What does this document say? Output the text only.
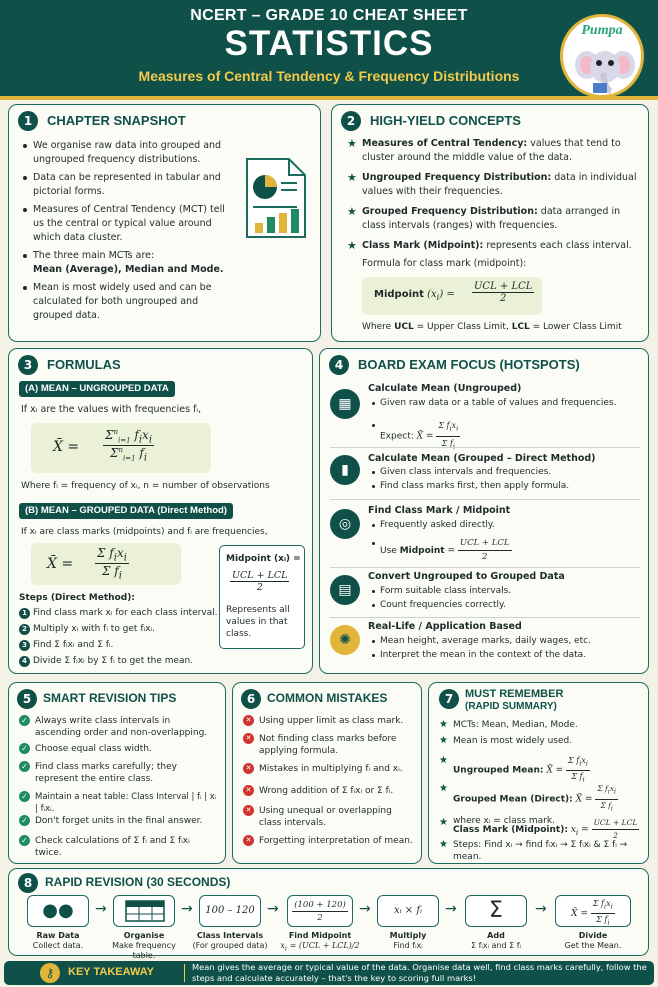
NCERT – GRADE 10 CHEAT SHEET
STATISTICS
Measures of Central Tendency & Frequency Distributions
Pumpa
1	CHAPTER SNAPSHOT
We organise raw data into grouped and ungrouped frequency distributions.
Data can be represented in tabular and pictorial forms.
Measures of Central Tendency (MCT) tell us the central or typical value around which data cluster.
The three main MCTs are:
Mean (Average), Median and Mode.
Mean is most widely used and can be calculated for both ungrouped and grouped data.
2	HIGH-YIELD CONCEPTS
★ Measures of Central Tendency: values that tend to cluster around the middle value of the data.
★ Ungrouped Frequency Distribution: data in individual values with their frequencies.
★ Grouped Frequency Distribution: data arranged in class intervals (ranges) with frequencies.
★ Class Mark (Midpoint): represents each class interval.
Formula for class mark (midpoint):
Midpoint $(x_i)$ =
UCL + LCL
2
Where UCL = Upper Class Limit, LCL = Lower Class Limit
3	FORMULAS
(A) MEAN – UNGROUPED DATA
If xᵢ are the values with frequencies fᵢ,
X̄ =
$\Sigma^n_{i=1}$ $f_ix_i$
$\Sigma^n_{i=1}$ $f_i$
Where fᵢ = frequency of xᵢ, n = number of observations
(B) MEAN – GROUPED DATA (Direct Method)
If xᵢ are class marks (midpoints) and fᵢ are frequencies,
X̄ =
Σ $f_ix_i$
Σ $f_i$
Midpoint (xᵢ) =
UCL + LCL
2
Represents all values in that class.
Steps (Direct Method):
1 Find class mark xᵢ for each class interval.
2 Multiply xᵢ with fᵢ to get fᵢxᵢ.
3 Find Σ fᵢxᵢ and Σ fᵢ.
4 Divide Σ fᵢxᵢ by Σ fᵢ to get the mean.
4	BOARD EXAM FOCUS (HOTSPOTS)
▦
Calculate Mean (Ungrouped)
Given raw data or a table of values and frequencies.
Expect: X̄ = $\frac{\Sigma f_ix_i}{\Sigma f_i}$
▮
Calculate Mean (Grouped – Direct Method)
Given class intervals and frequencies.
Find class marks first, then apply formula.
◎
Find Class Mark / Midpoint
Frequently asked directly.
Use Midpoint = $\frac{\text{UCL + LCL}}{2}$
▤
Convert Ungrouped to Grouped Data
Form suitable class intervals.
Count frequencies correctly.
✺
Real-Life / Application Based
Mean height, average marks, daily wages, etc.
Interpret the mean in the context of the data.
5 SMART REVISION TIPS
✓ Always write class intervals in ascending order and non-overlapping.
✓ Choose equal class width.
✓ Find class marks carefully; they represent the entire class.
✓ Maintain a neat table: Class Interval | fᵢ | xᵢ | fᵢxᵢ.
✓ Don't forget units in the final answer.
✓ Check calculations of Σ fᵢ and Σ fᵢxᵢ twice.
6 COMMON MISTAKES
✕ Using upper limit as class mark.
✕ Not finding class marks before applying formula.
✕ Mistakes in multiplying fᵢ and xᵢ.
✕ Wrong addition of Σ fᵢxᵢ or Σ fᵢ.
✕ Using unequal or overlapping class intervals.
✕ Forgetting interpretation of mean.
7	MUST REMEMBER
(RAPID SUMMARY)
★ MCTs: Mean, Median, Mode.
★ Mean is most widely used.
★ Ungrouped Mean: X̄ = $\frac{\Sigma f_ix_i}{\Sigma f_i}$
★ Grouped Mean (Direct): X̄ = $\frac{\Sigma f_ix_i}{\Sigma f_i}$

where xᵢ = class mark.
★ Class Mark (Midpoint): $x_i = \frac{\text{UCL + LCL}}{2}$
★ Steps: Find xᵢ → find fᵢxᵢ → Σ fᵢxᵢ & Σ fᵢ → mean.
8	RAPID REVISION (30 SECONDS)
●●
Raw Data
Collect data.
→
Organise
Make frequency table.
→	100 – 120
Class Intervals
(For grouped data)
→ $\frac{(100 + 120)}{2}$
Find Midpoint
$x_i = (UCL + LCL)/2$
→	xᵢ × fᵢ
Multiply
Find fᵢxᵢ
→	Σ
Add
Σ fᵢxᵢ and Σ fᵢ
→	X̄ = $\frac{\Sigma f_ix_i}{\Sigma f_i}$
Divide
Get the Mean.
⚷	KEY TAKEAWAY	Mean gives the average or typical value of the data. Organise data well, find class marks carefully, follow the steps and calculate accurately – that's the key to scoring full marks!
